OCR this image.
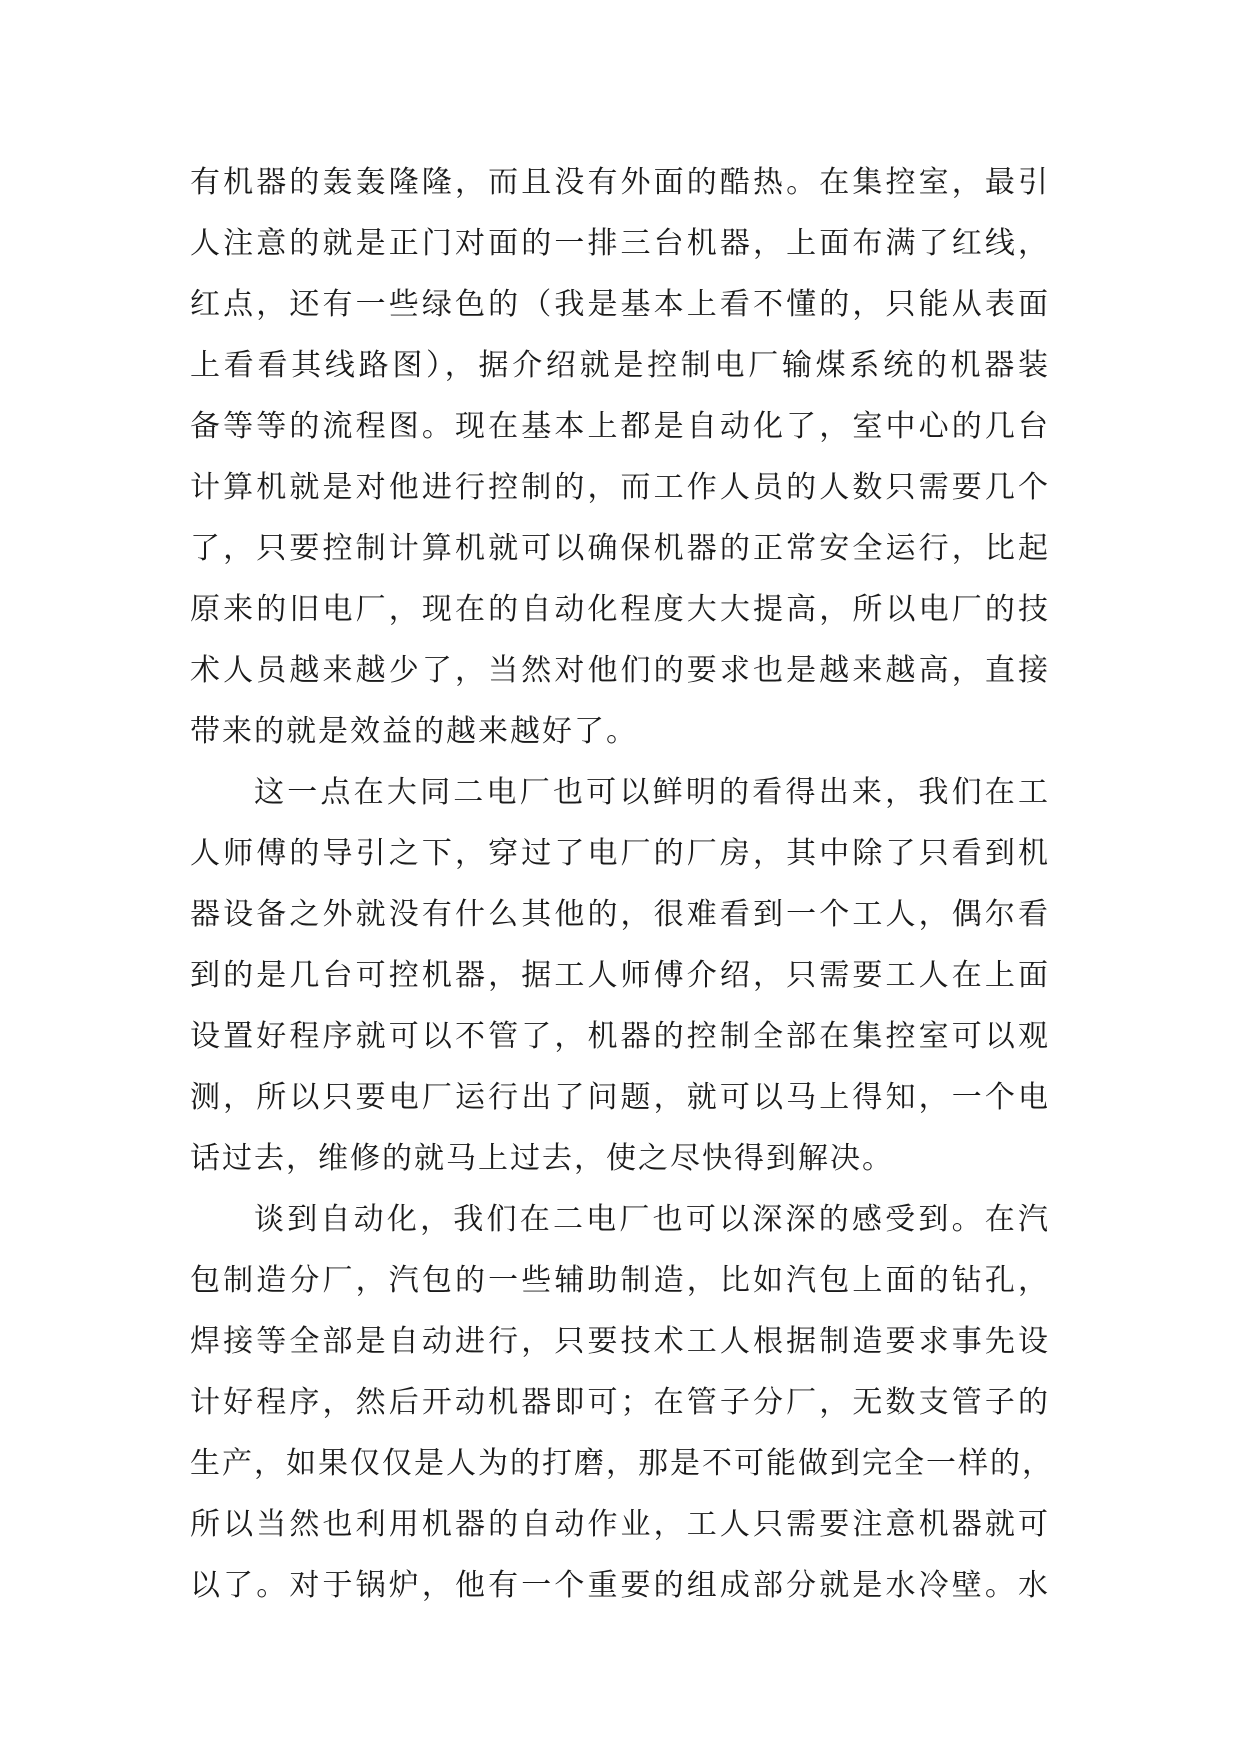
有机器的轰轰隆隆，而且没有外面的酷热。在集控室，最引
人注意的就是正门对面的一排三台机器，上面布满了红线，
红点，还有一些绿色的（我是基本上看不懂的，只能从表面
上看看其线路图），据介绍就是控制电厂输煤系统的机器装
备等等的流程图。现在基本上都是自动化了，室中心的几台
计算机就是对他进行控制的，而工作人员的人数只需要几个
了，只要控制计算机就可以确保机器的正常安全运行，比起
原来的旧电厂，现在的自动化程度大大提高，所以电厂的技
术人员越来越少了，当然对他们的要求也是越来越高，直接
带来的就是效益的越来越好了。
这一点在大同二电厂也可以鲜明的看得出来，我们在工
人师傅的导引之下，穿过了电厂的厂房，其中除了只看到机
器设备之外就没有什么其他的，很难看到一个工人，偶尔看
到的是几台可控机器，据工人师傅介绍，只需要工人在上面
设置好程序就可以不管了，机器的控制全部在集控室可以观
测，所以只要电厂运行出了问题，就可以马上得知，一个电
话过去，维修的就马上过去，使之尽快得到解决。
谈到自动化，我们在二电厂也可以深深的感受到。在汽
包制造分厂，汽包的一些辅助制造，比如汽包上面的钻孔，
焊接等全部是自动进行，只要技术工人根据制造要求事先设
计好程序，然后开动机器即可；在管子分厂，无数支管子的
生产，如果仅仅是人为的打磨，那是不可能做到完全一样的，
所以当然也利用机器的自动作业，工人只需要注意机器就可
以了。对于锅炉，他有一个重要的组成部分就是水冷壁。水
